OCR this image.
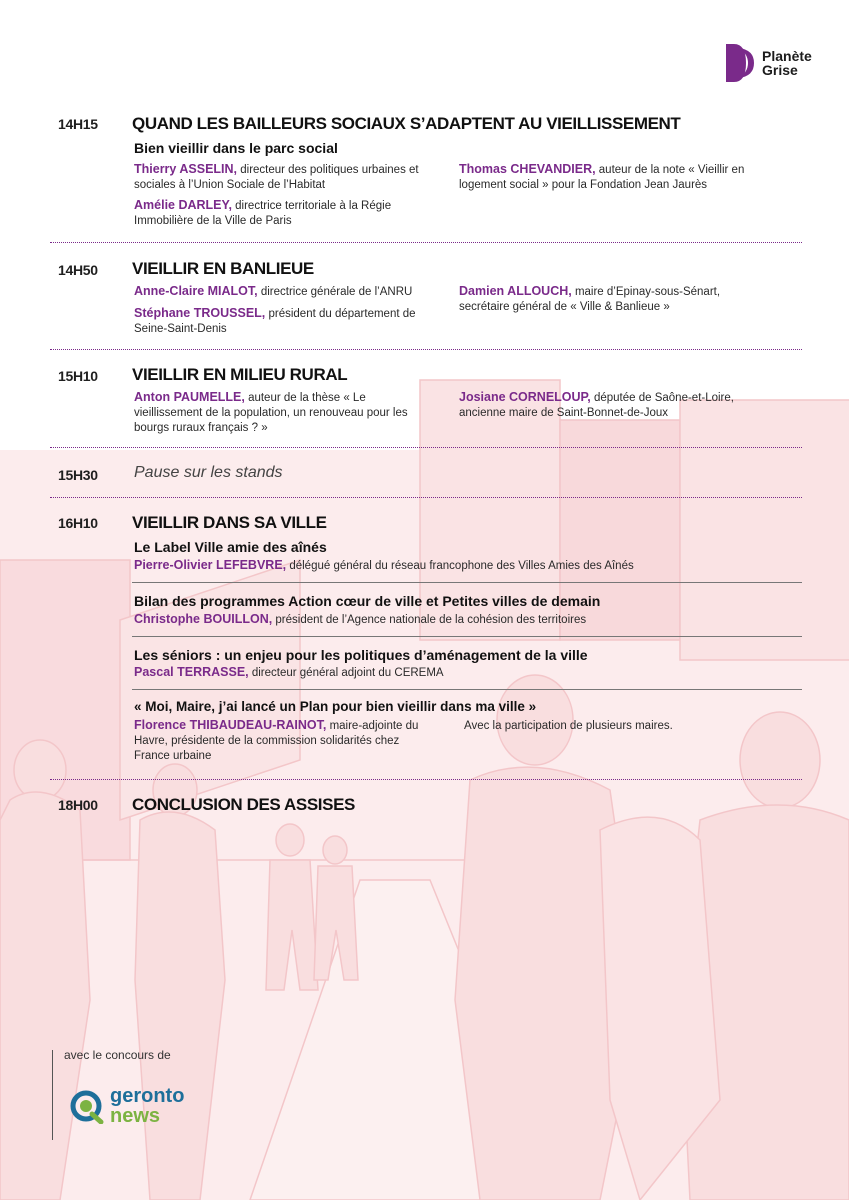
Planète
Grise
14H15 QUAND LES BAILLEURS SOCIAUX S’ADAPTENT AU VIEILLISSEMENT
Bien vieillir dans le parc social
Thierry ASSELIN, directeur des politiques urbaines et sociales à l’Union Sociale de l’Habitat
Amélie DARLEY, directrice territoriale à la Régie Immobilière de la Ville de Paris
Thomas CHEVANDIER, auteur de la note « Vieillir en logement social » pour la Fondation Jean Jaurès
14H50 VIEILLIR EN BANLIEUE
Anne-Claire MIALOT, directrice générale de l’ANRU
Stéphane TROUSSEL, président du département de Seine-Saint-Denis
Damien ALLOUCH, maire d’Epinay-sous-Sénart, secrétaire général de « Ville & Banlieue »
15H10 VIEILLIR EN MILIEU RURAL
Anton PAUMELLE, auteur de la thèse « Le vieillissement de la population, un renouveau pour les bourgs ruraux français ? »
Josiane CORNELOUP, députée de Saône-et-Loire, ancienne maire de Saint-Bonnet-de-Joux
15H30 Pause sur les stands
16H10 VIEILLIR DANS SA VILLE
Le Label Ville amie des aînés
Pierre-Olivier LEFEBVRE, délégué général du réseau francophone des Villes Amies des Aînés
Bilan des programmes Action cœur de ville et Petites villes de demain
Christophe BOUILLON, président de l’Agence nationale de la cohésion des territoires
Les séniors : un enjeu pour les politiques d’aménagement de la ville
Pascal TERRASSE, directeur général adjoint du CEREMA
« Moi, Maire, j’ai lancé un Plan pour bien vieillir dans ma ville »
Florence THIBAUDEAU-RAINOT, maire-adjointe du Havre, présidente de la commission solidarités chez France urbaine
Avec la participation de plusieurs maires.
18H00 CONCLUSION DES ASSISES
avec le concours de
geronto
news
